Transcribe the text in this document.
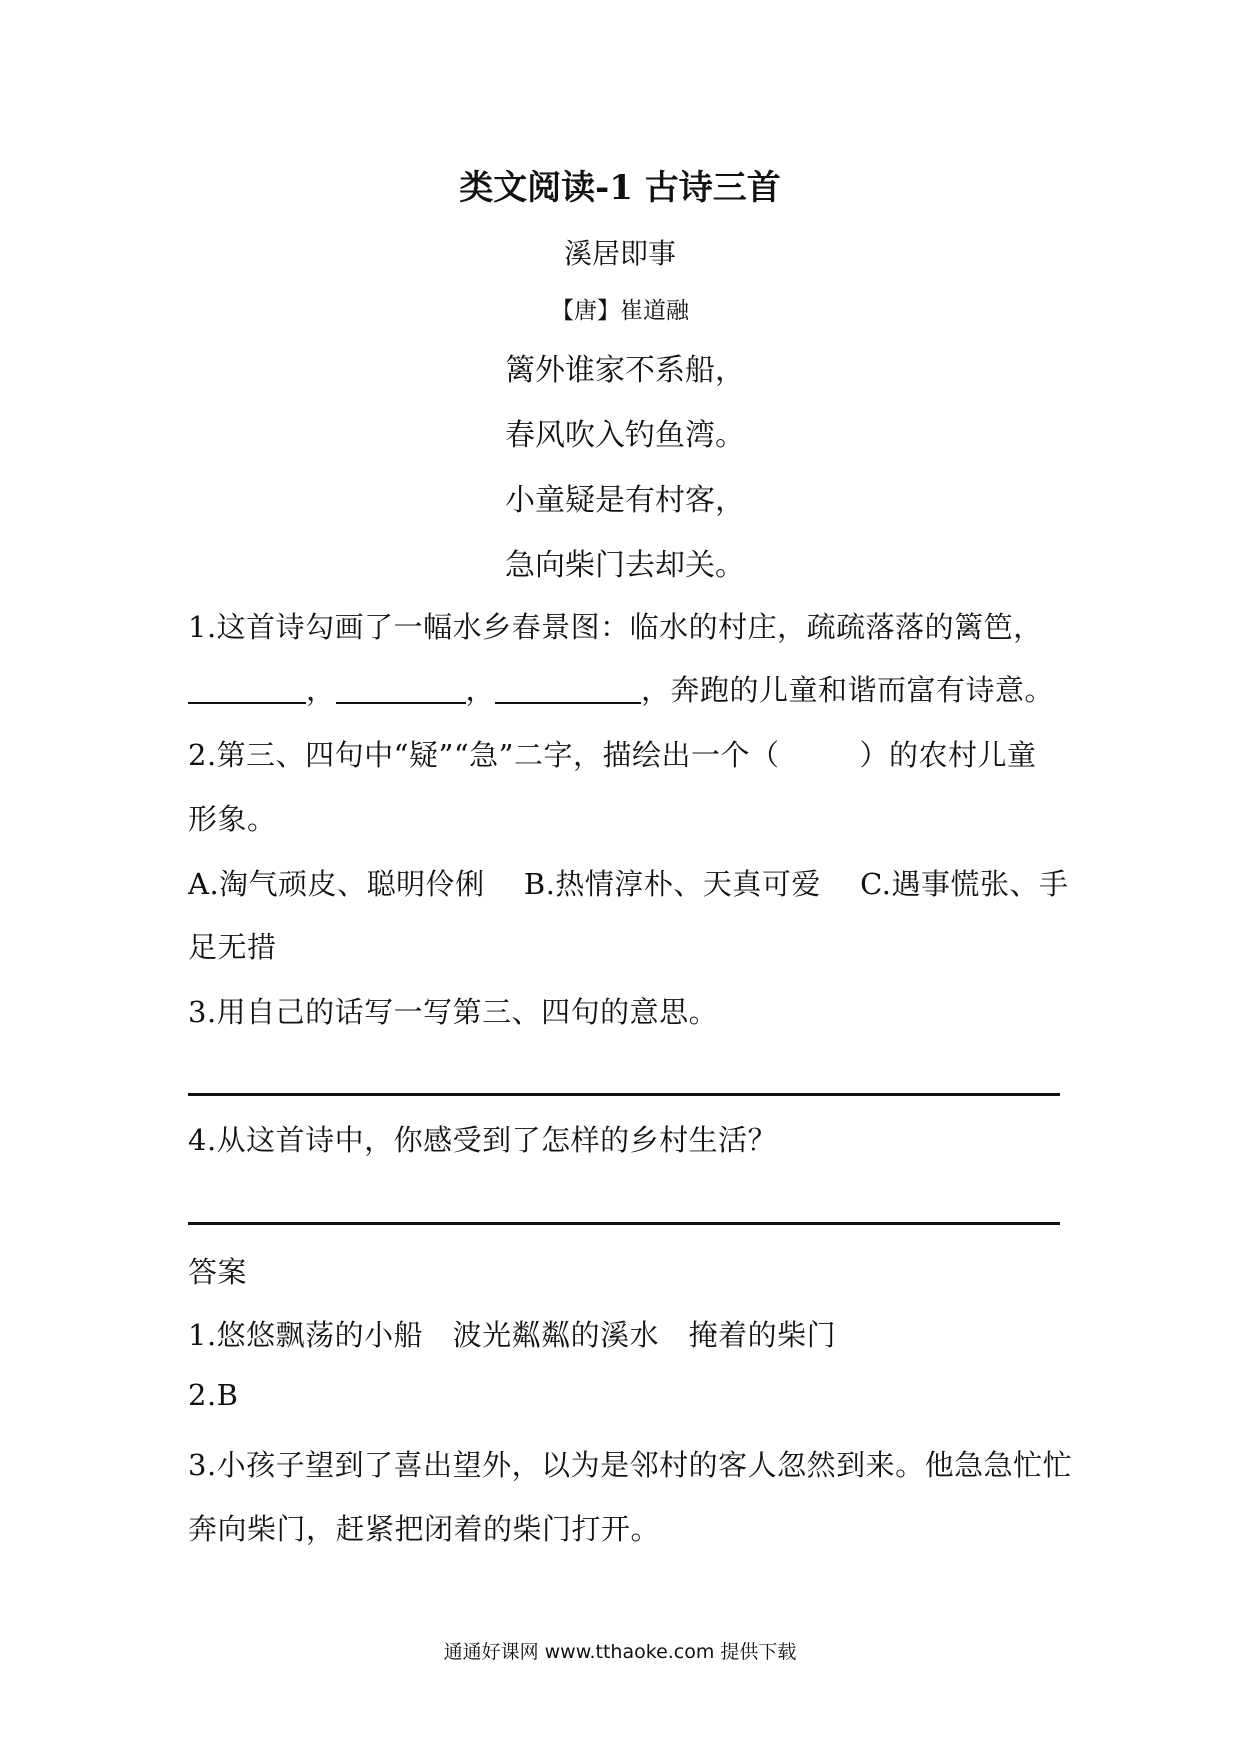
类文阅读-1 古诗三首
溪居即事
【唐】崔道融
篱外谁家不系船，
春风吹入钓鱼湾。
小童疑是有村客，
急向柴门去却关。
1.这首诗勾画了一幅水乡春景图：临水的村庄，疏疏落落的篱笆，
，	，	，奔跑的儿童和谐而富有诗意。
2.第三、四句中“疑”“急”二字，描绘出一个（	）的农村儿童
形象。
A.淘气顽皮、聪明伶俐　 B.热情淳朴、天真可爱　 C.遇事慌张、手
足无措
3.用自己的话写一写第三、四句的意思。
4.从这首诗中，你感受到了怎样的乡村生活？
答案
1.悠悠飘荡的小船　波光粼粼的溪水　掩着的柴门
2.B
3.小孩子望到了喜出望外，以为是邻村的客人忽然到来。他急急忙忙
奔向柴门，赶紧把闭着的柴门打开。
通通好课网 www.tthaoke.com 提供下载
